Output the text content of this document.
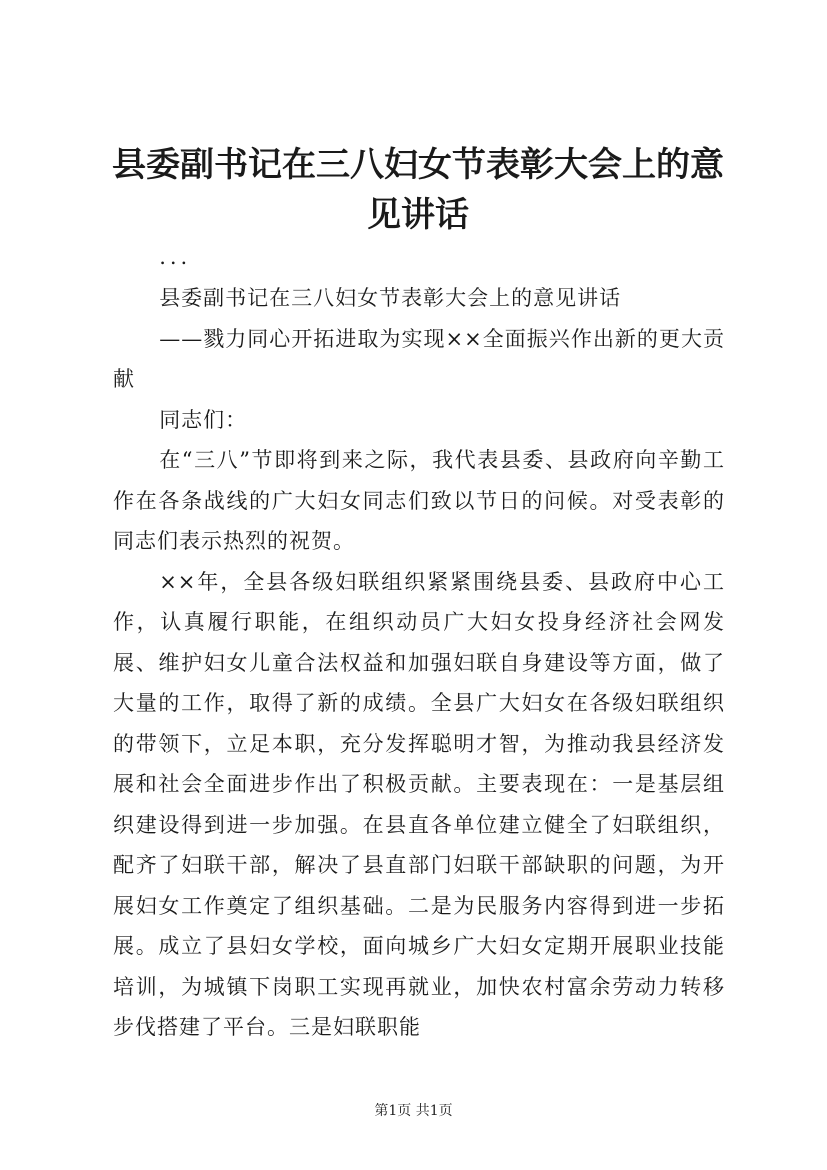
县委副书记在三八妇女节表彰大会上的意见讲话

...

县委副书记在三八妇女节表彰大会上的意见讲话

——戮力同心开拓进取为实现××全面振兴作出新的更大贡献

同志们：

在“三八”节即将到来之际，我代表县委、县政府向辛勤工作在各条战线的广大妇女同志们致以节日的问候。对受表彰的同志们表示热烈的祝贺。

××年，全县各级妇联组织紧紧围绕县委、县政府中心工作，认真履行职能，在组织动员广大妇女投身经济社会网发展、维护妇女儿童合法权益和加强妇联自身建设等方面，做了大量的工作，取得了新的成绩。全县广大妇女在各级妇联组织的带领下，立足本职，充分发挥聪明才智，为推动我县经济发展和社会全面进步作出了积极贡献。主要表现在：一是基层组织建设得到进一步加强。在县直各单位建立健全了妇联组织，配齐了妇联干部，解决了县直部门妇联干部缺职的问题，为开展妇女工作奠定了组织基础。二是为民服务内容得到进一步拓展。成立了县妇女学校，面向城乡广大妇女定期开展职业技能培训，为城镇下岗职工实现再就业，加快农村富余劳动力转移步伐搭建了平台。三是妇联职能

第1页 共1页
